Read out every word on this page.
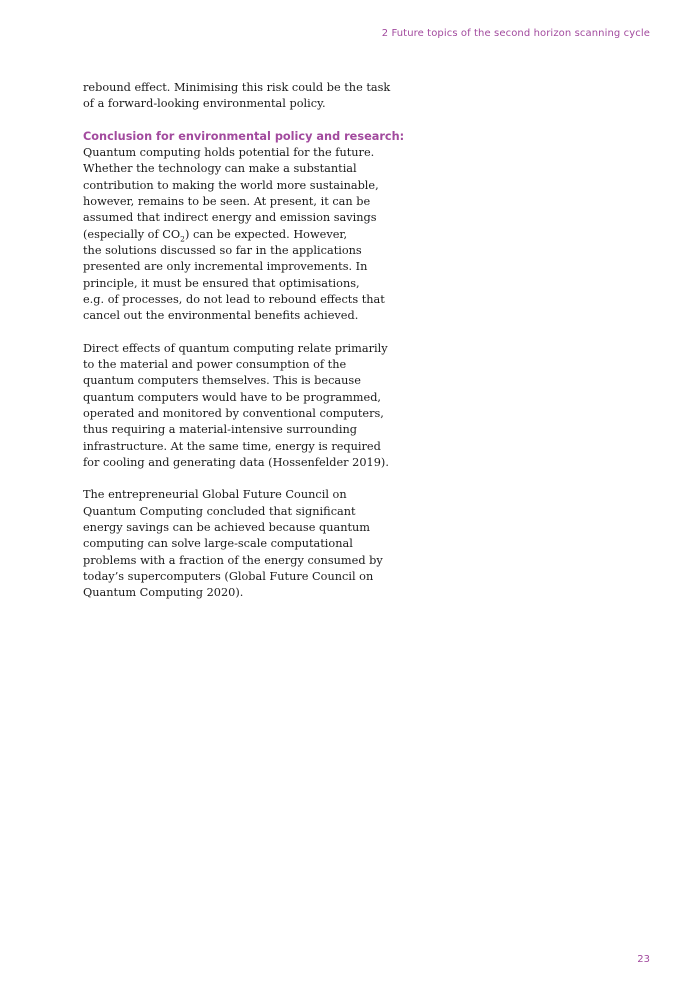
2 Future topics of the second horizon scanning cycle
rebound effect. Minimising this risk could be the task
of a forward-looking environmental policy.
Conclusion for environmental policy and research:
Quantum computing holds potential for the future.
Whether the technology can make a substantial
contribution to making the world more sustainable,
however, remains to be seen. At present, it can be
assumed that indirect energy and emission savings
(especially of $CO_2$) can be expected. However,
the solutions discussed so far in the applications
presented are only incremental improvements. In
principle, it must be ensured that optimisations,
e.g. of processes, do not lead to rebound effects that
cancel out the environmental benefits achieved.
Direct effects of quantum computing relate primarily
to the material and power consumption of the
quantum computers themselves. This is because
quantum computers would have to be programmed,
operated and monitored by conventional computers,
thus requiring a material-intensive surrounding
infrastructure. At the same time, energy is required
for cooling and generating data (Hossenfelder 2019).
The entrepreneurial Global Future Council on
Quantum Computing concluded that significant
energy savings can be achieved because quantum
computing can solve large-scale computational
problems with a fraction of the energy consumed by
today’s supercomputers (Global Future Council on
Quantum Computing 2020).
23
